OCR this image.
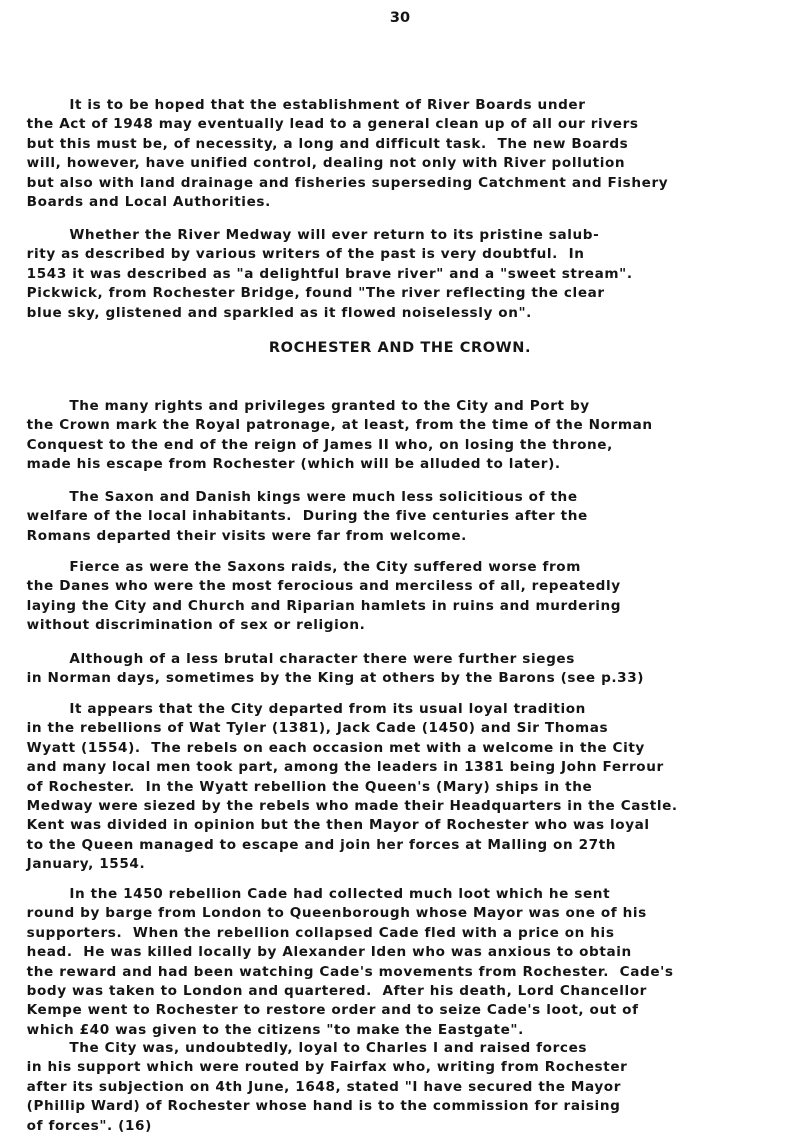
30

It is to be hoped that the establishment of River Boards under
the Act of 1948 may eventually lead to a general clean up of all our rivers
but this must be, of necessity, a long and difficult task.  The new Boards
will, however, have unified control, dealing not only with River pollution
but also with land drainage and fisheries superseding Catchment and Fishery
Boards and Local Authorities.

Whether the River Medway will ever return to its pristine salub-
rity as described by various writers of the past is very doubtful.  In
1543 it was described as "a delightful brave river" and a "sweet stream".
Pickwick, from Rochester Bridge, found "The river reflecting the clear
blue sky, glistened and sparkled as it flowed noiselessly on".

ROCHESTER AND THE CROWN.

The many rights and privileges granted to the City and Port by
the Crown mark the Royal patronage, at least, from the time of the Norman
Conquest to the end of the reign of James II who, on losing the throne,
made his escape from Rochester (which will be alluded to later).

The Saxon and Danish kings were much less solicitious of the
welfare of the local inhabitants.  During the five centuries after the
Romans departed their visits were far from welcome.

Fierce as were the Saxons raids, the City suffered worse from
the Danes who were the most ferocious and merciless of all, repeatedly
laying the City and Church and Riparian hamlets in ruins and murdering
without discrimination of sex or religion.

Although of a less brutal character there were further sieges
in Norman days, sometimes by the King at others by the Barons (see p.33)

It appears that the City departed from its usual loyal tradition
in the rebellions of Wat Tyler (1381), Jack Cade (1450) and Sir Thomas
Wyatt (1554).  The rebels on each occasion met with a welcome in the City
and many local men took part, among the leaders in 1381 being John Ferrour
of Rochester.  In the Wyatt rebellion the Queen's (Mary) ships in the
Medway were siezed by the rebels who made their Headquarters in the Castle.
Kent was divided in opinion but the then Mayor of Rochester who was loyal
to the Queen managed to escape and join her forces at Malling on 27th
January, 1554.

In the 1450 rebellion Cade had collected much loot which he sent
round by barge from London to Queenborough whose Mayor was one of his
supporters.  When the rebellion collapsed Cade fled with a price on his
head.  He was killed locally by Alexander Iden who was anxious to obtain
the reward and had been watching Cade's movements from Rochester.  Cade's
body was taken to London and quartered.  After his death, Lord Chancellor
Kempe went to Rochester to restore order and to seize Cade's loot, out of
which £40 was given to the citizens "to make the Eastgate".

The City was, undoubtedly, loyal to Charles I and raised forces
in his support which were routed by Fairfax who, writing from Rochester
after its subjection on 4th June, 1648, stated "I have secured the Mayor
(Phillip Ward) of Rochester whose hand is to the commission for raising
of forces". (16)
